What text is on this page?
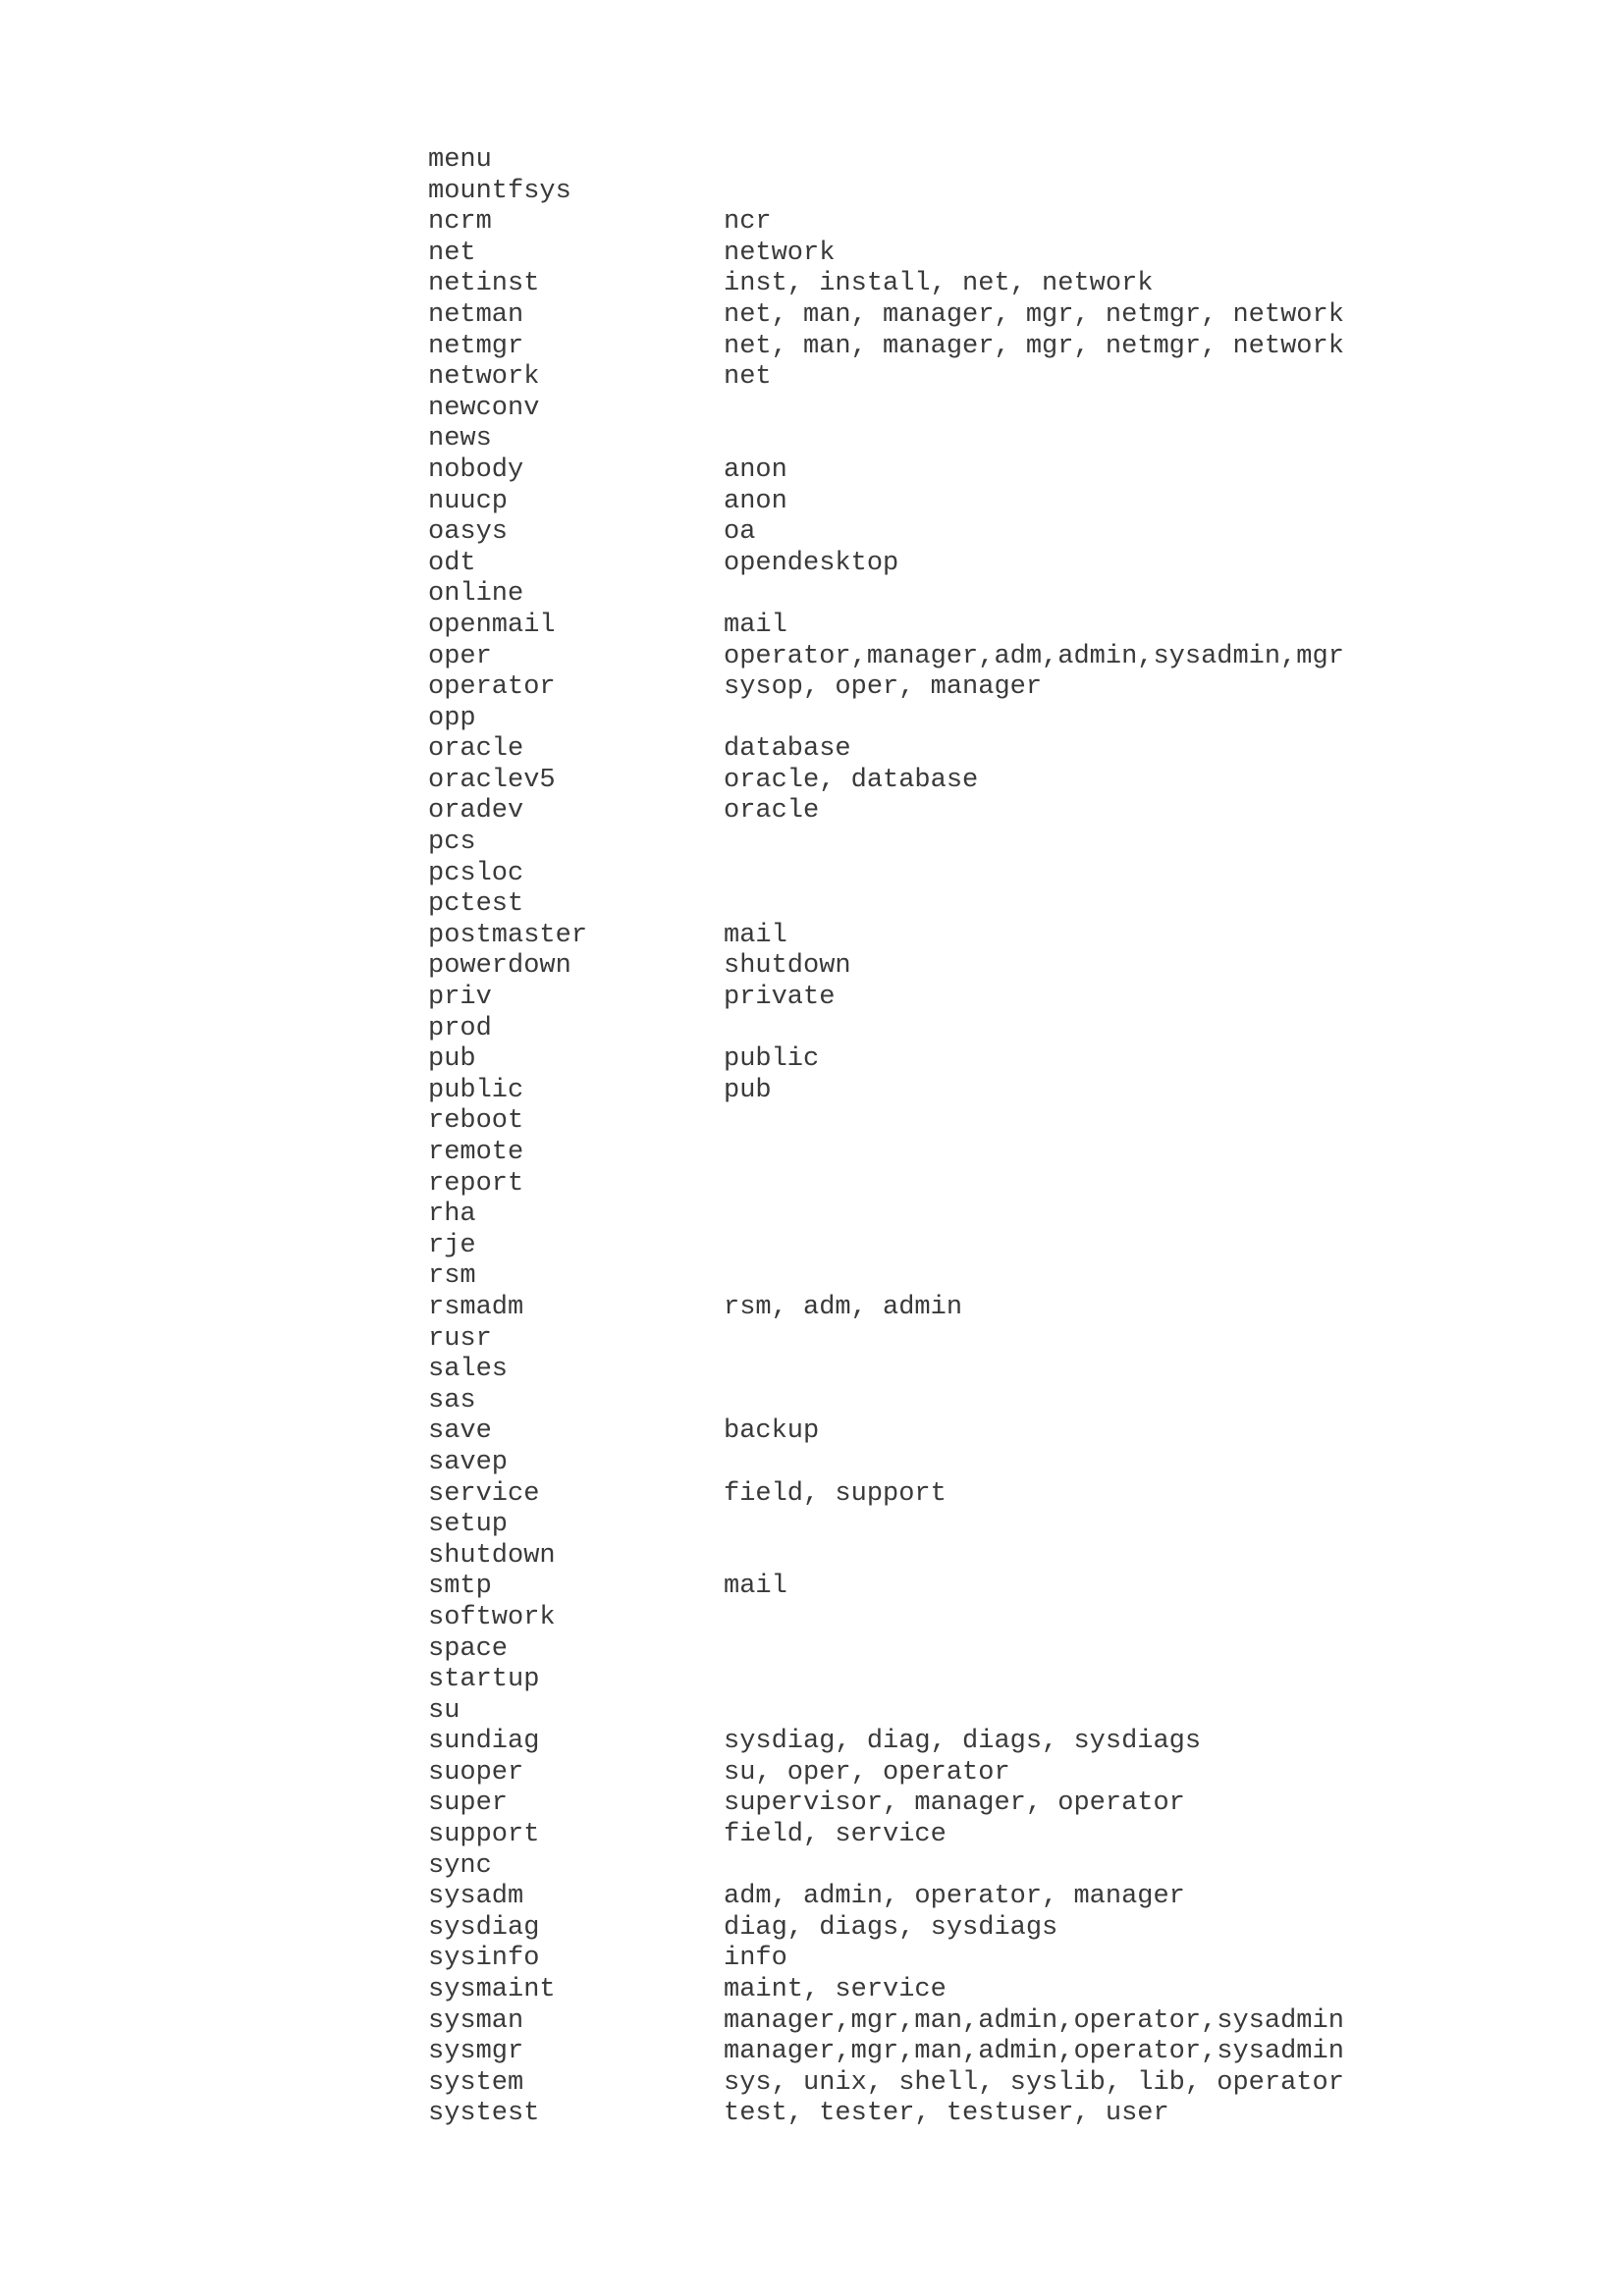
menu
mountfsys
ncrm	ncr
net	network
netinst	inst, install, net, network
netman	net, man, manager, mgr, netmgr, network
netmgr	net, man, manager, mgr, netmgr, network
network	net
newconv
news
nobody	anon
nuucp	anon
oasys	oa
odt	opendesktop
online
openmail	mail
oper	operator,manager,adm,admin,sysadmin,mgr
operator	sysop, oper, manager
opp
oracle	database
oraclev5	oracle, database
oradev	oracle
pcs
pcsloc
pctest
postmaster	mail
powerdown	shutdown
priv	private
prod
pub	public
public	pub
reboot
remote
report
rha
rje
rsm
rsmadm	rsm, adm, admin
rusr
sales
sas
save	backup
savep
service	field, support
setup
shutdown
smtp	mail
softwork
space
startup
su
sundiag	sysdiag, diag, diags, sysdiags
suoper	su, oper, operator
super	supervisor, manager, operator
support	field, service
sync
sysadm	adm, admin, operator, manager
sysdiag	diag, diags, sysdiags
sysinfo	info
sysmaint	maint, service
sysman	manager,mgr,man,admin,operator,sysadmin
sysmgr	manager,mgr,man,admin,operator,sysadmin
system	sys, unix, shell, syslib, lib, operator
systest	test, tester, testuser, user
